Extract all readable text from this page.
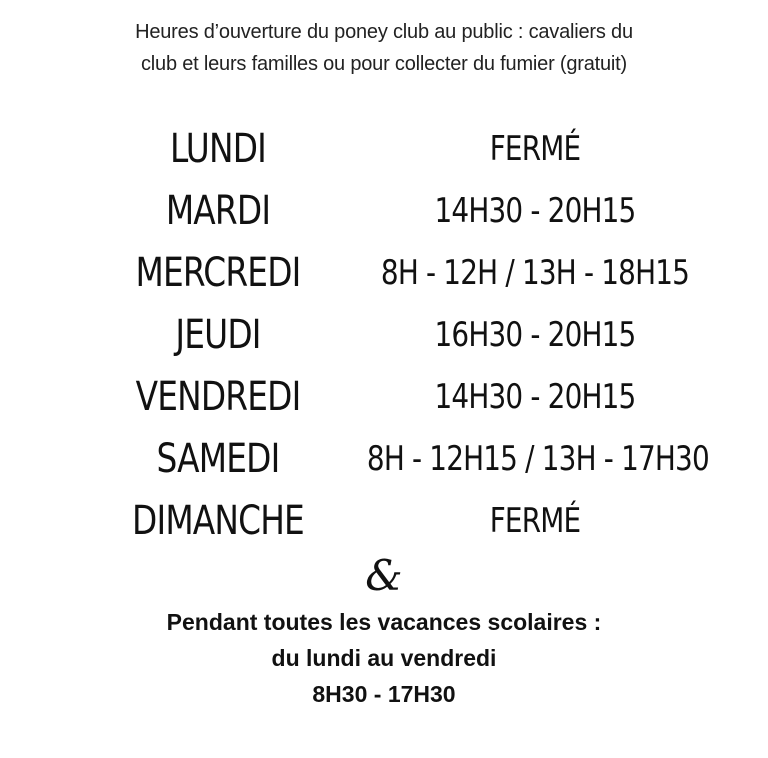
Heures d’ouverture du poney club au public : cavaliers du
club et leurs familles ou pour collecter du fumier (gratuit)
LUNDI	FERMÉ
MARDI	14H30 - 20H15
MERCREDI	8H - 12H / 13H - 18H15
JEUDI	16H30 - 20H15
VENDREDI	14H30 - 20H15
SAMEDI	8H - 12H15 / 13H - 17H30
DIMANCHE	FERMÉ
&
Pendant toutes les vacances scolaires :
du lundi au vendredi
8H30 - 17H30
